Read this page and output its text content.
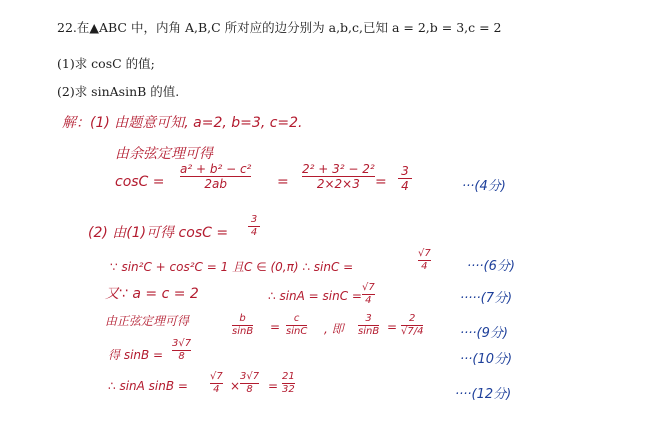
22.在▲ABC 中，内角 A,B,C 所对应的边分别为 a,b,c,已知 a = 2,b = 3,c = 2
(1)求 cosC 的值;
(2)求 sinAsinB 的值.
解：(1) 由题意可知, a=2, b=3, c=2.
由余弦定理可得
cosC =
a² + b² − c²
2ab	=
2² + 3² − 2²
2×2×3 =
3
4	···(4分)
(2) 由(1)可得 cosC =
3
4
∵ sin²C + cos²C = 1 且C ∈ (0,π) ∴ sinC =
√7
4	····(6分)
又∵ a = c = 2	∴ sinA = sinC =
√7
4	·····(7分)
由正弦定理可得	b
sinB =
c
sinC , 即
3
sinB =
2
√7/4	····(9分)
得 sinB =
3√7
8	···(10分)
∴ sinA sinB =
√7
4 ×
3√7
8 =
21
32	····(12分)
